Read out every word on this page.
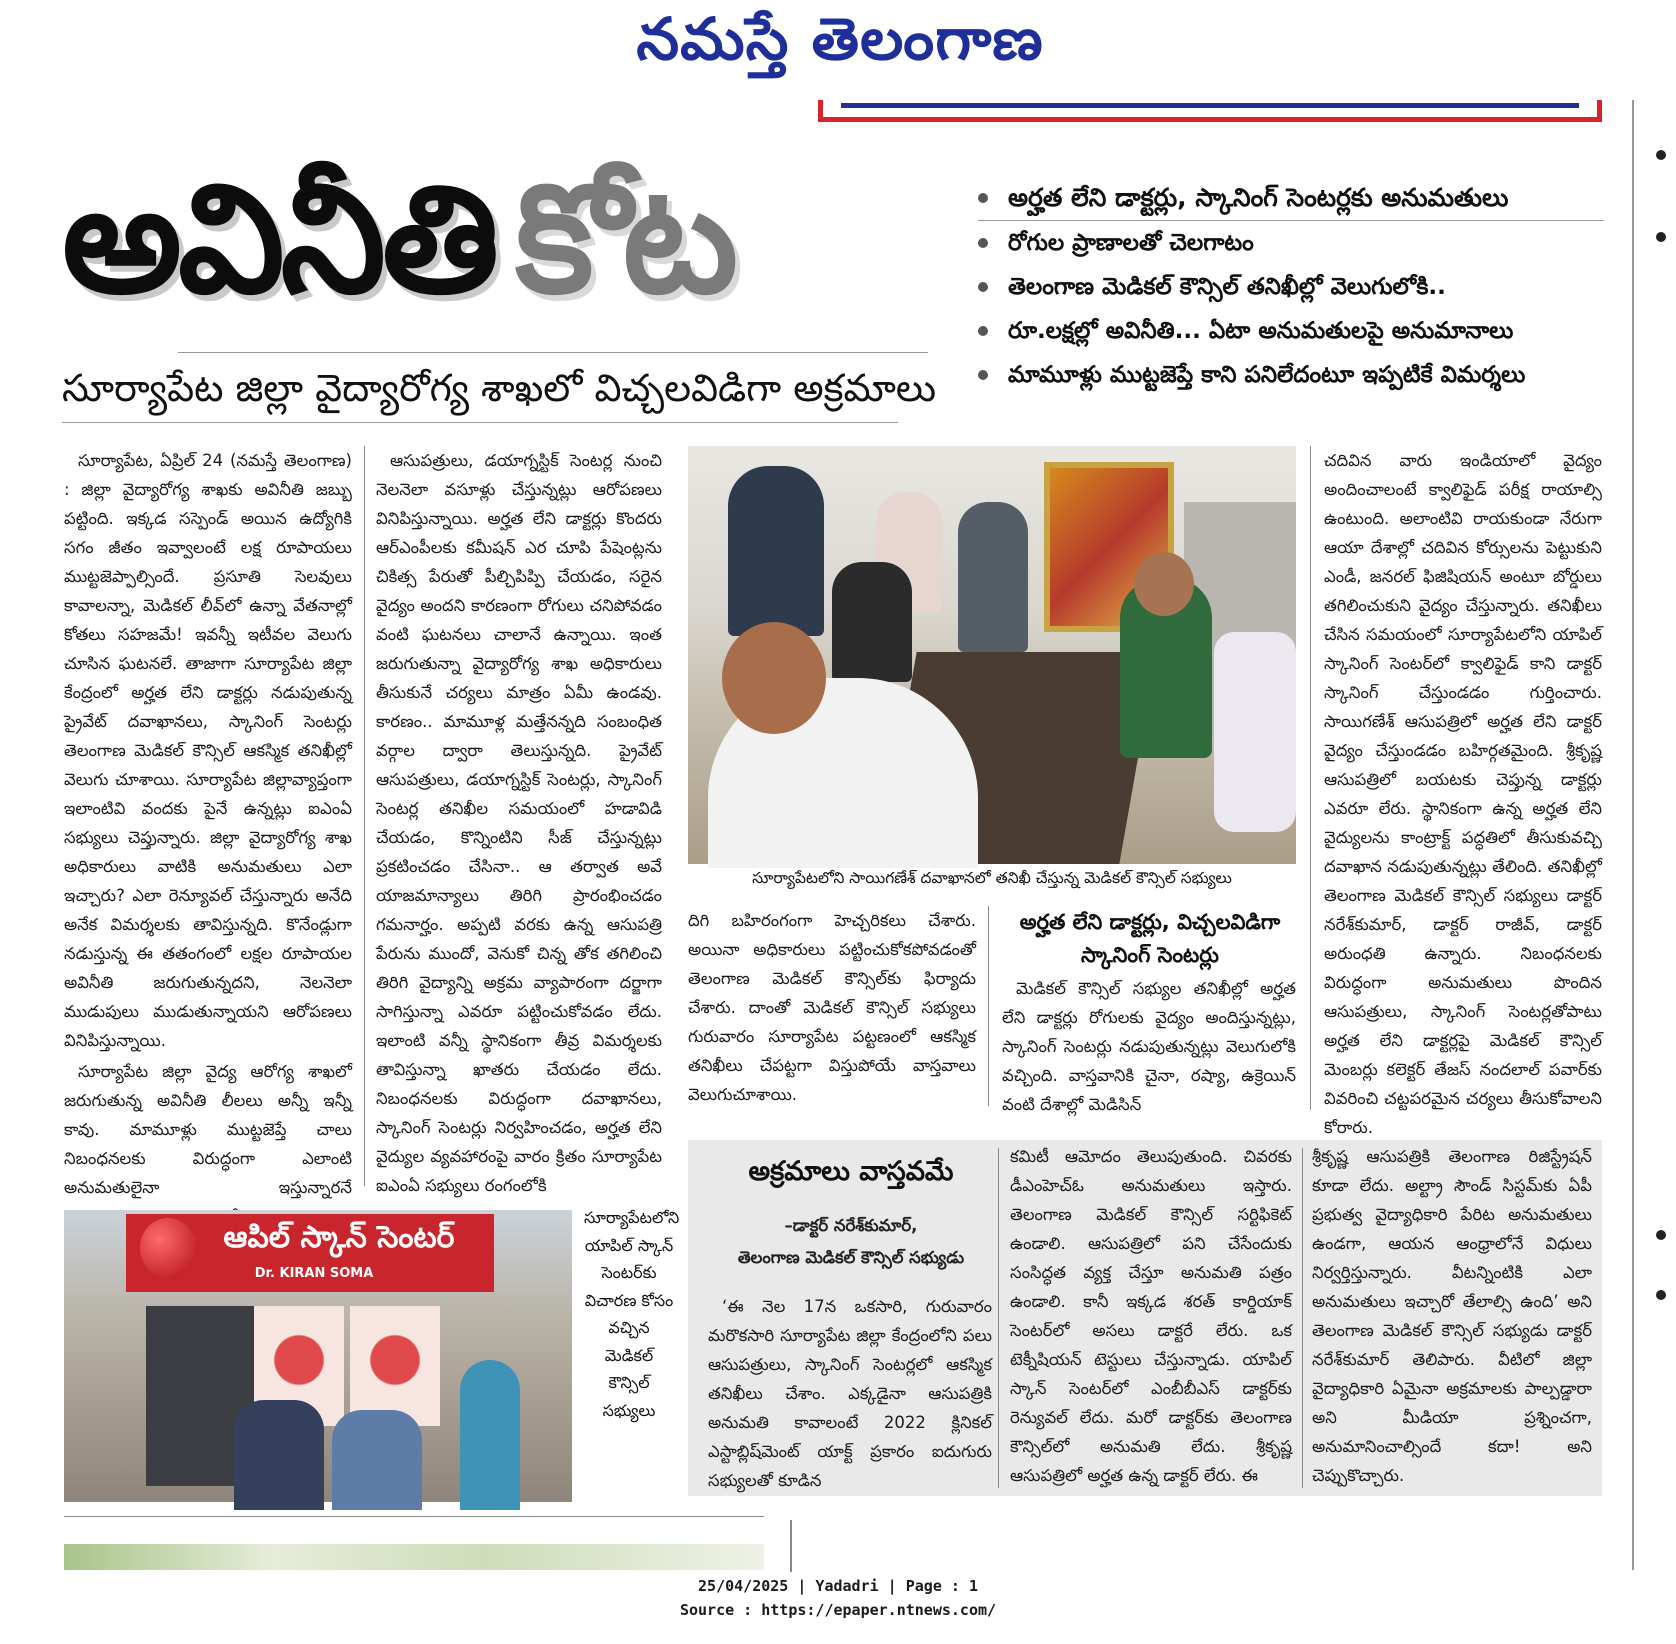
నమస్తే తెలంగాణ
అవినీతి కోట
సూర్యాపేట జిల్లా వైద్యారోగ్య శాఖలో విచ్చలవిడిగా అక్రమాలు
అర్హత లేని డాక్టర్లు, స్కానింగ్ సెంటర్లకు అనుమతులు
రోగుల ప్రాణాలతో చెలగాటం
తెలంగాణ మెడికల్ కౌన్సిల్ తనిఖీల్లో వెలుగులోకి..
రూ.లక్షల్లో అవినీతి... ఏటా అనుమతులపై అనుమానాలు
మామూళ్లు ముట్టజెప్తే కాని పనిలేదంటూ ఇప్పటికే విమర్శలు

సూర్యాపేట, ఏప్రిల్ 24 (నమస్తే తెలంగాణ) : జిల్లా వైద్యారోగ్య శాఖకు అవినీతి జబ్బు పట్టింది. ఇక్కడ సస్పెండ్ అయిన ఉద్యోగికి సగం జీతం ఇవ్వాలంటే లక్ష రూపాయలు ముట్టజెప్పాల్సిందే. ప్రసూతి సెలవులు కావాలన్నా, మెడికల్ లీవ్‌లో ఉన్నా వేతనాల్లో కోతలు సహజమే! ఇవన్నీ ఇటీవల వెలుగు చూసిన ఘటనలే. తాజాగా సూర్యాపేట జిల్లా కేంద్రంలో అర్హత లేని డాక్టర్లు నడుపుతున్న ప్రైవేట్ దవాఖానలు, స్కానింగ్ సెంటర్లు తెలంగాణ మెడికల్ కౌన్సిల్ ఆకస్మిక తనిఖీల్లో వెలుగు చూశాయి. సూర్యాపేట జిల్లావ్యాప్తంగా ఇలాంటివి వందకు పైనే ఉన్నట్లు ఐఎంఏ సభ్యులు చెప్తున్నారు. జిల్లా వైద్యారోగ్య శాఖ అధికారులు వాటికి అనుమతులు ఎలా ఇచ్చారు? ఎలా రెన్యూవల్ చేస్తున్నారు అనేది అనేక విమర్శలకు తావిస్తున్నది. కొనేండ్లుగా నడుస్తున్న ఈ తతంగంలో లక్షల రూపాయల అవినీతి జరుగుతున్నదని, నెలనెలా ముడుపులు ముడుతున్నాయని ఆరోపణలు వినిపిస్తున్నాయి.

సూర్యాపేట జిల్లా వైద్య ఆరోగ్య శాఖలో జరుగుతున్న అవినీతి లీలలు అన్నీ ఇన్నీ కావు. మామూళ్లు ముట్టజెప్తే చాలు నిబంధనలకు విరుద్ధంగా ఎలాంటి అనుమతులైనా ఇస్తున్నారనే

ఆసుపత్రులు, డయాగ్నస్టిక్ సెంటర్ల నుంచి నెలనెలా వసూళ్లు చేస్తున్నట్లు ఆరోపణలు వినిపిస్తున్నాయి. అర్హత లేని డాక్టర్లు కొందరు ఆర్‌ఎంపీలకు కమీషన్ ఎర చూపి పేషెంట్లను చికిత్స పేరుతో పీల్చిపిప్పి చేయడం, సరైన వైద్యం అందని కారణంగా రోగులు చనిపోవడం వంటి ఘటనలు చాలానే ఉన్నాయి. ఇంత జరుగుతున్నా వైద్యారోగ్య శాఖ అధికారులు తీసుకునే చర్యలు మాత్రం ఏమీ ఉండవు. కారణం.. మామూళ్ల మత్తేనన్నది సంబంధిత వర్గాల ద్వారా తెలుస్తున్నది. ప్రైవేట్ ఆసుపత్రులు, డయాగ్నస్టిక్ సెంటర్లు, స్కానింగ్ సెంటర్ల తనిఖీల సమయంలో హడావిడి చేయడం, కొన్నింటిని సీజ్ చేస్తున్నట్లు ప్రకటించడం చేసినా.. ఆ తర్వాత అవే యాజమాన్యాలు తిరిగి ప్రారంభించడం గమనార్హం. అప్పటి వరకు ఉన్న ఆసుపత్రి పేరును ముందో, వెనుకో చిన్న తోక తగిలించి తిరిగి వైద్యాన్ని అక్రమ వ్యాపారంగా దర్జాగా సాగిస్తున్నా ఎవరూ పట్టించుకోవడం లేదు. ఇలాంటి వన్నీ స్థానికంగా తీవ్ర విమర్శలకు తావిస్తున్నా ఖాతరు చేయడం లేదు. నిబంధనలకు విరుద్ధంగా దవాఖానలు, స్కానింగ్ సెంటర్లు నిర్వహించడం, అర్హత లేని వైద్యుల వ్యవహారంపై వారం క్రితం సూర్యాపేట ఐఎంఏ సభ్యులు రంగంలోకి

సూర్యాపేటలోని సాయిగణేశ్ దవాఖానలో తనిఖీ చేస్తున్న మెడికల్ కౌన్సిల్ సభ్యులు

దిగి బహిరంగంగా హెచ్చరికలు చేశారు. అయినా అధికారులు పట్టించుకోకపోవడంతో తెలంగాణ మెడికల్ కౌన్సిల్‌కు ఫిర్యాదు చేశారు. దాంతో మెడికల్ కౌన్సిల్ సభ్యులు గురువారం సూర్యాపేట పట్టణంలో ఆకస్మిక తనిఖీలు చేపట్టగా విస్తుపోయే వాస్తవాలు వెలుగుచూశాయి.

అర్హత లేని డాక్టర్లు, విచ్చలవిడిగా స్కానింగ్ సెంటర్లు

మెడికల్ కౌన్సిల్ సభ్యుల తనిఖీల్లో అర్హత లేని డాక్టర్లు రోగులకు వైద్యం అందిస్తున్నట్లు, స్కానింగ్ సెంటర్లు నడుపుతున్నట్లు వెలుగులోకి వచ్చింది. వాస్తవానికి చైనా, రష్యా, ఉక్రెయిన్ వంటి దేశాల్లో మెడిసిన్

చదివిన వారు ఇండియాలో వైద్యం అందించాలంటే క్వాలిఫైడ్ పరీక్ష రాయాల్సి ఉంటుంది. అలాంటివి రాయకుండా నేరుగా ఆయా దేశాల్లో చదివిన కోర్సులను పెట్టుకుని ఎండీ, జనరల్ ఫిజిషియన్ అంటూ బోర్డులు తగిలించుకుని వైద్యం చేస్తున్నారు. తనిఖీలు చేసిన సమయంలో సూర్యాపేటలోని యాపిల్ స్కానింగ్ సెంటర్‌లో క్వాలిఫైడ్ కాని డాక్టర్ స్కానింగ్ చేస్తుండడం గుర్తించారు. సాయిగణేశ్ ఆసుపత్రిలో అర్హత లేని డాక్టర్ వైద్యం చేస్తుండడం బహిర్గతమైంది. శ్రీకృష్ణ ఆసుపత్రిలో బయటకు చెప్తున్న డాక్టర్లు ఎవరూ లేరు. స్థానికంగా ఉన్న అర్హత లేని వైద్యులను కాంట్రాక్ట్ పద్ధతిలో తీసుకువచ్చి దవాఖాన నడుపుతున్నట్లు తేలింది. తనిఖీల్లో తెలంగాణ మెడికల్ కౌన్సిల్ సభ్యులు డాక్టర్ నరేశ్‌కుమార్, డాక్టర్ రాజీవ్, డాక్టర్ అరుంధతి ఉన్నారు. నిబంధనలకు విరుద్ధంగా అనుమతులు పొందిన ఆసుపత్రులు, స్కానింగ్ సెంటర్లతోపాటు అర్హత లేని డాక్టర్లపై మెడికల్ కౌన్సిల్ మెంబర్లు కలెక్టర్ తేజస్ నందలాల్ పవార్‌కు వివరించి చట్టపరమైన చర్యలు తీసుకోవాలని కోరారు.

అక్రమాలు వాస్తవమే
–డాక్టర్ నరేశ్‌కుమార్,
తెలంగాణ మెడికల్ కౌన్సిల్ సభ్యుడు

‘ఈ నెల 17న ఒకసారి, గురువారం మరొకసారి సూర్యాపేట జిల్లా కేంద్రంలోని పలు ఆసుపత్రులు, స్కానింగ్ సెంటర్లలో ఆకస్మిక తనిఖీలు చేశాం. ఎక్కడైనా ఆసుపత్రికి అనుమతి కావాలంటే 2022 క్లినికల్ ఎస్టాబ్లిష్‌మెంట్ యాక్ట్ ప్రకారం ఐదుగురు సభ్యులతో కూడిన

కమిటీ ఆమోదం తెలుపుతుంది. చివరకు డీఎంహెచ్‌ఓ అనుమతులు ఇస్తారు. తెలంగాణ మెడికల్ కౌన్సిల్ సర్టిఫికెట్ ఉండాలి. ఆసుపత్రిలో పని చేసేందుకు సంసిద్ధత వ్యక్త చేస్తూ అనుమతి పత్రం ఉండాలి. కానీ ఇక్కడ శరత్ కార్డియాక్ సెంటర్‌లో అసలు డాక్టరే లేరు. ఒక టెక్నీషియన్ టెస్టులు చేస్తున్నాడు. యాపిల్ స్కాన్ సెంటర్‌లో ఎంబీబీఎస్ డాక్టర్‌కు రెన్యువల్ లేదు. మరో డాక్టర్‌కు తెలంగాణ కౌన్సిల్‌లో అనుమతి లేదు. శ్రీకృష్ణ ఆసుపత్రిలో అర్హత ఉన్న డాక్టర్ లేరు. ఈ

శ్రీకృష్ణ ఆసుపత్రికి తెలంగాణ రిజిస్ట్రేషన్ కూడా లేదు. అల్ట్రా సౌండ్ సిస్టమ్‌కు ఏపీ ప్రభుత్వ వైద్యాధికారి పేరిట అనుమతులు ఉండగా, ఆయన ఆంధ్రాలోనే విధులు నిర్వర్తిస్తున్నారు. వీటన్నింటికి ఎలా అనుమతులు ఇచ్చారో తేలాల్సి ఉంది’ అని తెలంగాణ మెడికల్ కౌన్సిల్ సభ్యుడు డాక్టర్ నరేశ్‌కుమార్ తెలిపారు. వీటిలో జిల్లా వైద్యాధికారి ఏమైనా అక్రమాలకు పాల్పడ్డారా అని మీడియా ప్రశ్నించగా, అనుమానించాల్సిందే కదా! అని చెప్పుకొచ్చారు.

ఆపిల్ స్కాన్ సెంటర్
Dr. KIRAN SOMA
సూర్యాపేటలోని యాపిల్ స్కాన్ సెంటర్‌కు విచారణ కోసం వచ్చిన మెడికల్ కౌన్సిల్ సభ్యులు
25/04/2025 | Yadadri | Page : 1
Source : https://epaper.ntnews.com/
